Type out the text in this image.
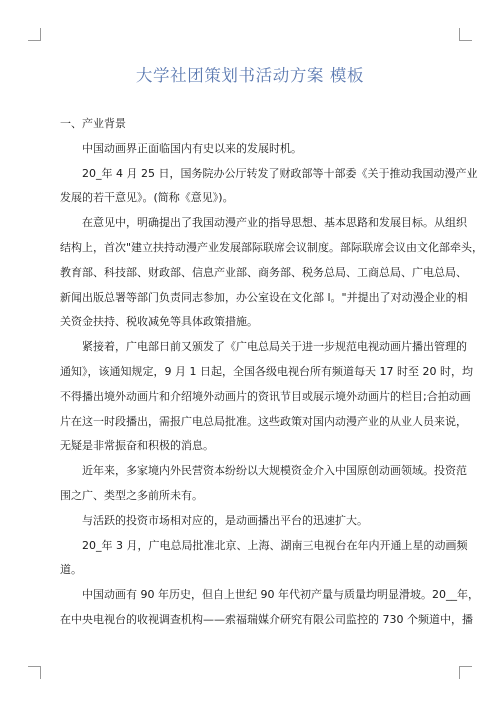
大学社团策划书活动方案 模板
一、产业背景
中国动画界正面临国内有史以来的发展时机。
20_年 4 月 25 日，国务院办公厅转发了财政部等十部委《关于推动我国动漫产业
发展的若干意见》。(简称《意见》)。
在意见中，明确提出了我国动漫产业的指导思想、基本思路和发展目标。从组织
结构上，首次"建立扶持动漫产业发展部际联席会议制度。部际联席会议由文化部牵头，
教育部、科技部、财政部、信息产业部、商务部、税务总局、工商总局、广电总局、
新闻出版总署等部门负责同志参加，办公室设在文化部 l。"并提出了对动漫企业的相
关资金扶持、税收减免等具体政策措施。
紧接着，广电部日前又颁发了《广电总局关于进一步规范电视动画片播出管理的
通知》，该通知规定，9 月 1 日起，全国各级电视台所有频道每天 17 时至 20 时，均
不得播出境外动画片和介绍境外动画片的资讯节目或展示境外动画片的栏目;合拍动画
片在这一时段播出，需报广电总局批准。这些政策对国内动漫产业的从业人员来说，
无疑是非常振奋和积极的消息。
近年来，多家境内外民营资本纷纷以大规模资金介入中国原创动画领域。投资范
围之广、类型之多前所未有。
与活跃的投资市场相对应的，是动画播出平台的迅速扩大。
20_年 3 月，广电总局批准北京、上海、湖南三电视台在年内开通上星的动画频
道。
中国动画有 90 年历史，但自上世纪 90 年代初产量与质量均明显滑坡。20__年，
在中央电视台的收视调查机构——索福瑞媒介研究有限公司监控的 730 个频道中，播
